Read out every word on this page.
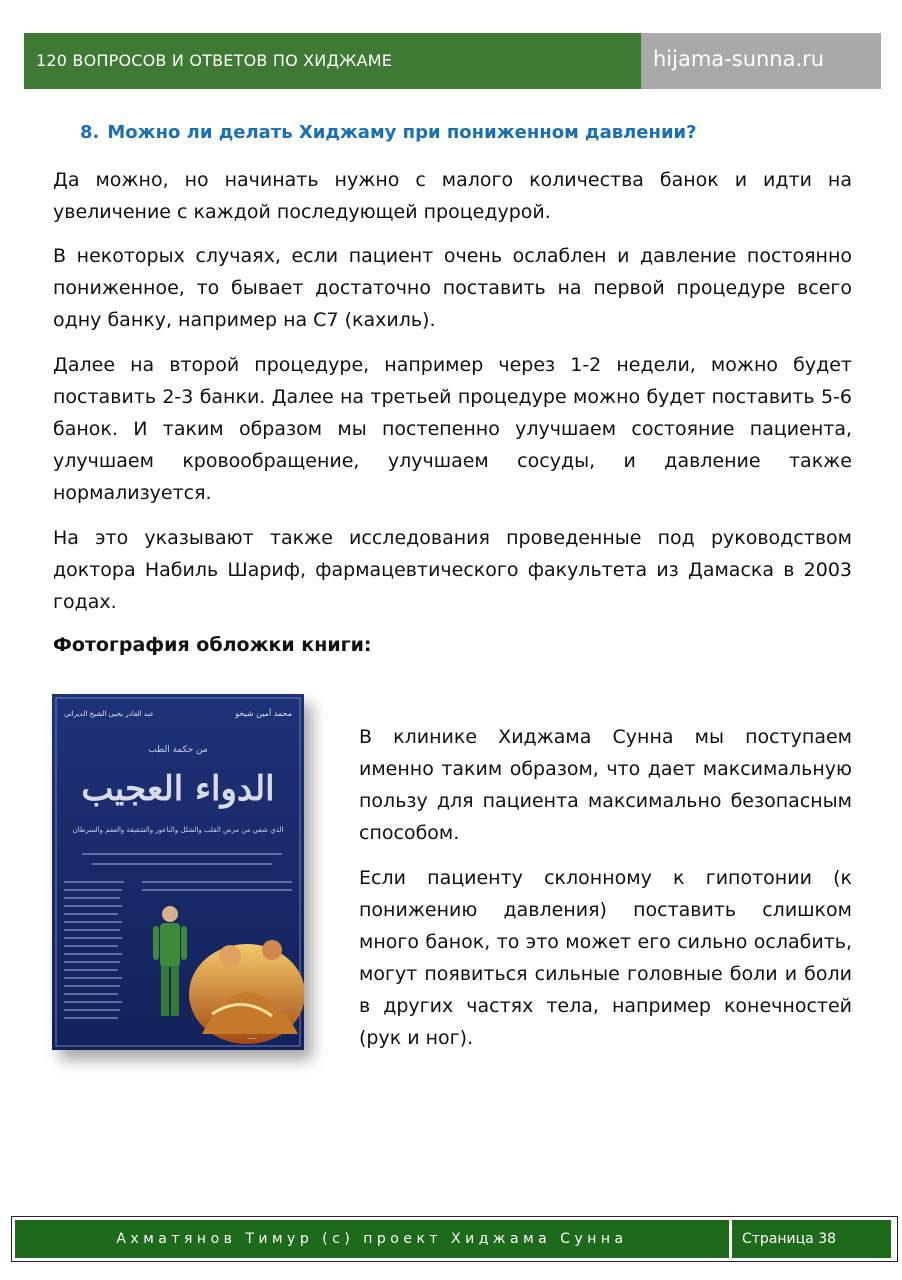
120 ВОПРОСОВ И ОТВЕТОВ ПО ХИДЖАМЕ	hijama-sunna.ru
8. Можно ли делать Хиджаму при пониженном давлении?

Да можно, но начинать нужно с малого количества банок и идти на увеличение с каждой последующей процедурой.

В некоторых случаях, если пациент очень ослаблен и давление постоянно пониженное, то бывает достаточно поставить на первой процедуре всего одну банку, например на С7 (кахиль).

Далее на второй процедуре, например через 1-2 недели, можно будет поставить 2-3 банки. Далее на третьей процедуре можно будет поставить 5-6 банок. И таким образом мы постепенно улучшаем состояние пациента, улучшаем кровообращение, улучшаем сосуды, и давление также нормализуется.

На это указывают также исследования проведенные под руководством доктора Набиль Шариф, фармацевтического факультета из Дамаска в 2003 годах.

Фотография обложки книги:
محمد أمين شيخو
عبد القادر يحيى الشيخ الديراني
من حكمة الطب
الدواء العجيب
الذي شفي من مرض القلب والشلل والناعور والشقيقة والعقم والسرطان
ـــــ

В клинике Хиджама Сунна мы поступаем именно таким образом, что дает максимальную пользу для пациента максимально безопасным способом.

Если пациенту склонному к гипотонии (к понижению давления) поставить слишком много банок, то это может его сильно ослабить, могут появиться сильные головные боли и боли в других частях тела, например конечностей (рук и ног).

Ахматянов Тимур (с) проект Хиджама Сунна	Страница 38
